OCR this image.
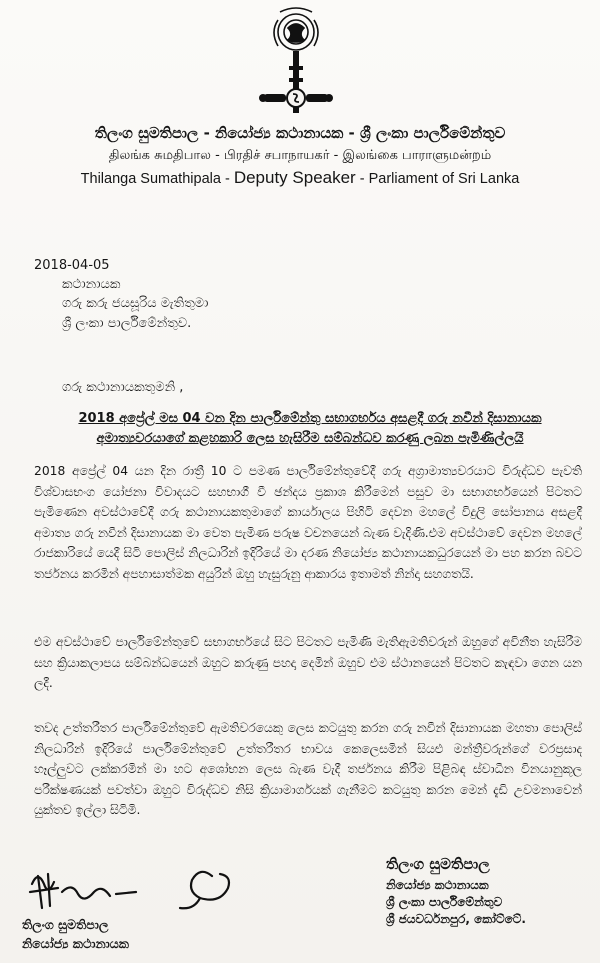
තිලංග සුමතිපාල - නියෝජ්‍ය කථානායක - ශ්‍රී ලංකා පාර්ලිමේන්තුව
திலங்க சுமதிபால - பிரதிச் சபாநாயகர் - இலங்கை பாராளுமன்றம்
Thilanga Sumathipala - Deputy Speaker - Parliament of Sri Lanka
2018-04-05
කථානායක
ගරු කරු ජයසූරිය මැතිතුමා
ශ්‍රී ලංකා පාර්ලිමේන්තුව.
ගරු කථානායකතුමනි ,
2018 අප්‍රේල් මස 04 වන දින පාර්ලිමේන්තු සභාගර්භය අසළදී ගරු නවීන් දිසානායක
අමාත්‍යවරයාගේ කළහකාරි ලෙස හැසිරීම සම්බන්ධව කරණු ලබන පැමිණිල්ලයි
2018 අප්‍රේල් 04 යන දින රාත්‍රී 10 ට පමණ පාර්ලිමේන්තුවේදී ගරු අග්‍රාමාත්‍යවරයාට විරුද්ධව පැවති විශ්වාසභංග යෝජනා විවාදයට සහභාගී වී ඡන්දය ප්‍රකාශ කිරීමෙන් පසුව මා සභාගර්භයෙන් පිටතට පැමිණෙන අවස්ථාවේදී ගරු කථානායකතුමාගේ කාර්යාලය පිහිටි දෙවන මහලේ විදුලි සෝපානය අසළදී අමාත්‍ය ගරු නවීන් දිසානායක මා වෙත පැමිණ පරුෂ වචනයෙන් බැණ වැදිණි.එම අවස්ථාවේ දෙවන මහලේ රාජකාරියේ යෙදී සිටි පොලිස් නිලධාරින් ඉදිරියේ මා දරණ නියෝජ්‍ය කථානායකධුරයෙන් මා පහ කරන බවට තර්ජනය කරමින් අපහාසාත්මක අයුරින් ඔහු හැසුරුනු ආකාරය ඉතාමත් නින්දා සහගතයි.
එම අවස්ථාවේ පාර්ලිමේන්තුවේ සභාගර්භයේ සිට පිටතට පැමිණි මැතිඇමතිවරුන් ඔහුගේ අවිනීත හැසිරීම සහ ක්‍රියාකලාපය සම්බන්ධයෙන් ඔහුට කරුණු පහදා දෙමින් ඔහුව එම ස්ථානයෙන් පිටතට කැඳවා ගෙන යන ලදී.
තවද උත්තරීතර පාර්ලිමේන්තුවේ ඇමතිවරයෙකු ලෙස කටයුතු කරන ගරු නවීන් දිසානායක මහතා පොලිස් නිලධාරින් ඉදිරියේ පාර්ලිමේන්තුවේ උත්තරීතර භාවය කෙලෙසමින් සියළු මන්ත්‍රීවරුන්ගේ වරප්‍රසාද හෑල්ලුවට ලක්කරමින් මා හට අශෝභන ලෙස බැණ වැදී තර්ජනය කිරීම පිළිබඳ ස්වාධීන විනයානුකූල පරීක්ෂණයක් පවත්වා ඔහුට විරුද්ධව නිසි ක්‍රියාමාර්ගයක් ගැනීමට කටයුතු කරන මෙන් දැඩි උවමනාවෙන් යුක්තව ඉල්ලා සිටිමි.
තිලංග සුමතිපාල
නියෝජ්‍ය කථානායක
ශ්‍රී ලංකා පාර්ලිමේන්තුව
ශ්‍රී ජයවර්ධනපුර, කෝට්ටේ.
තිලංග සුමතිපාල
නියෝජ්‍ය කථානායක
